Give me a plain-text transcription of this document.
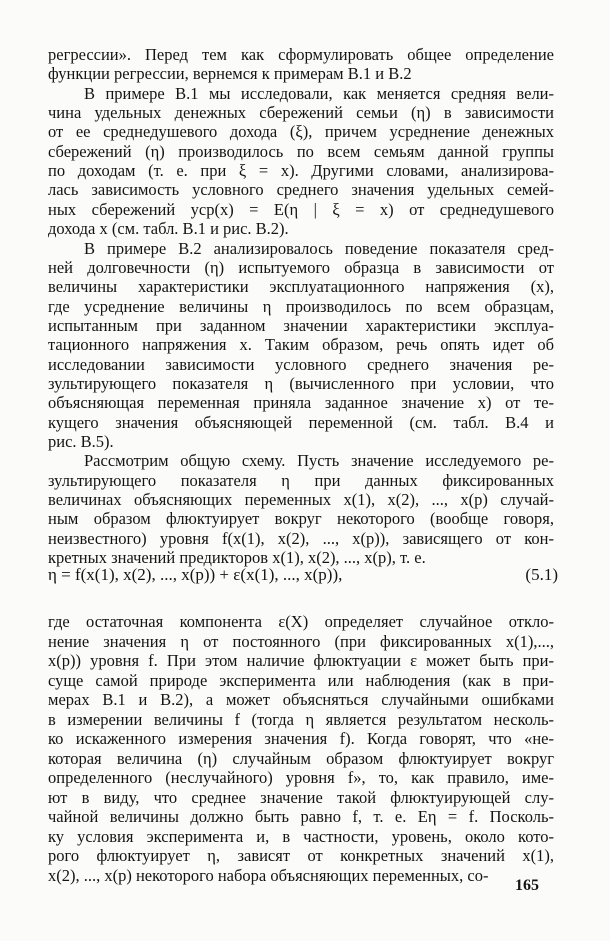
регрессии». Перед тем как сформулировать общее определение
функции регрессии, вернемся к примерам В.1 и В.2
В примере В.1 мы исследовали, как меняется средняя вели-
чина удельных денежных сбережений семьи (η) в зависимости
от ее среднедушевого дохода (ξ), причем усреднение денежных
сбережений (η) производилось по всем семьям данной группы
по доходам (т. е. при ξ = x). Другими словами, анализирова-
лась зависимость условного среднего значения удельных семей-
ных сбережений yср(x) = E(η | ξ = x) от среднедушевого
дохода x (см. табл. В.1 и рис. В.2).
В примере В.2 анализировалось поведение показателя сред-
ней долговечности (η) испытуемого образца в зависимости от
величины характеристики эксплуатационного напряжения (x),
где усреднение величины η производилось по всем образцам,
испытанным при заданном значении характеристики эксплуа-
тационного напряжения x. Таким образом, речь опять идет об
исследовании зависимости условного среднего значения ре-
зультирующего показателя η (вычисленного при условии, что
объясняющая переменная приняла заданное значение x) от те-
кущего значения объясняющей переменной (см. табл. В.4 и
рис. В.5).
Рассмотрим общую схему. Пусть значение исследуемого ре-
зультирующего показателя η при данных фиксированных
величинах объясняющих переменных x(1), x(2), ..., x(p) случай-
ным образом флюктуирует вокруг некоторого (вообще говоря,
неизвестного) уровня f(x(1), x(2), ..., x(p)), зависящего от кон-
кретных значений предикторов x(1), x(2), ..., x(p), т. е.
η = f(x(1), x(2), ..., x(p)) + ε(x(1), ..., x(p)),	(5.1)
где остаточная компонента ε(X) определяет случайное откло-
нение значения η от постоянного (при фиксированных x(1),...,
x(p)) уровня f. При этом наличие флюктуации ε может быть при-
суще самой природе эксперимента или наблюдения (как в при-
мерах В.1 и В.2), а может объясняться случайными ошибками
в измерении величины f (тогда η является результатом несколь-
ко искаженного измерения значения f). Когда говорят, что «не-
которая величина (η) случайным образом флюктуирует вокруг
определенного (неслучайного) уровня f», то, как правило, име-
ют в виду, что среднее значение такой флюктуирующей слу-
чайной величины должно быть равно f, т. е. Eη = f. Посколь-
ку условия эксперимента и, в частности, уровень, около кото-
рого флюктуирует η, зависят от конкретных значений x(1),
x(2), ..., x(p) некоторого набора объясняющих переменных, со-
165
